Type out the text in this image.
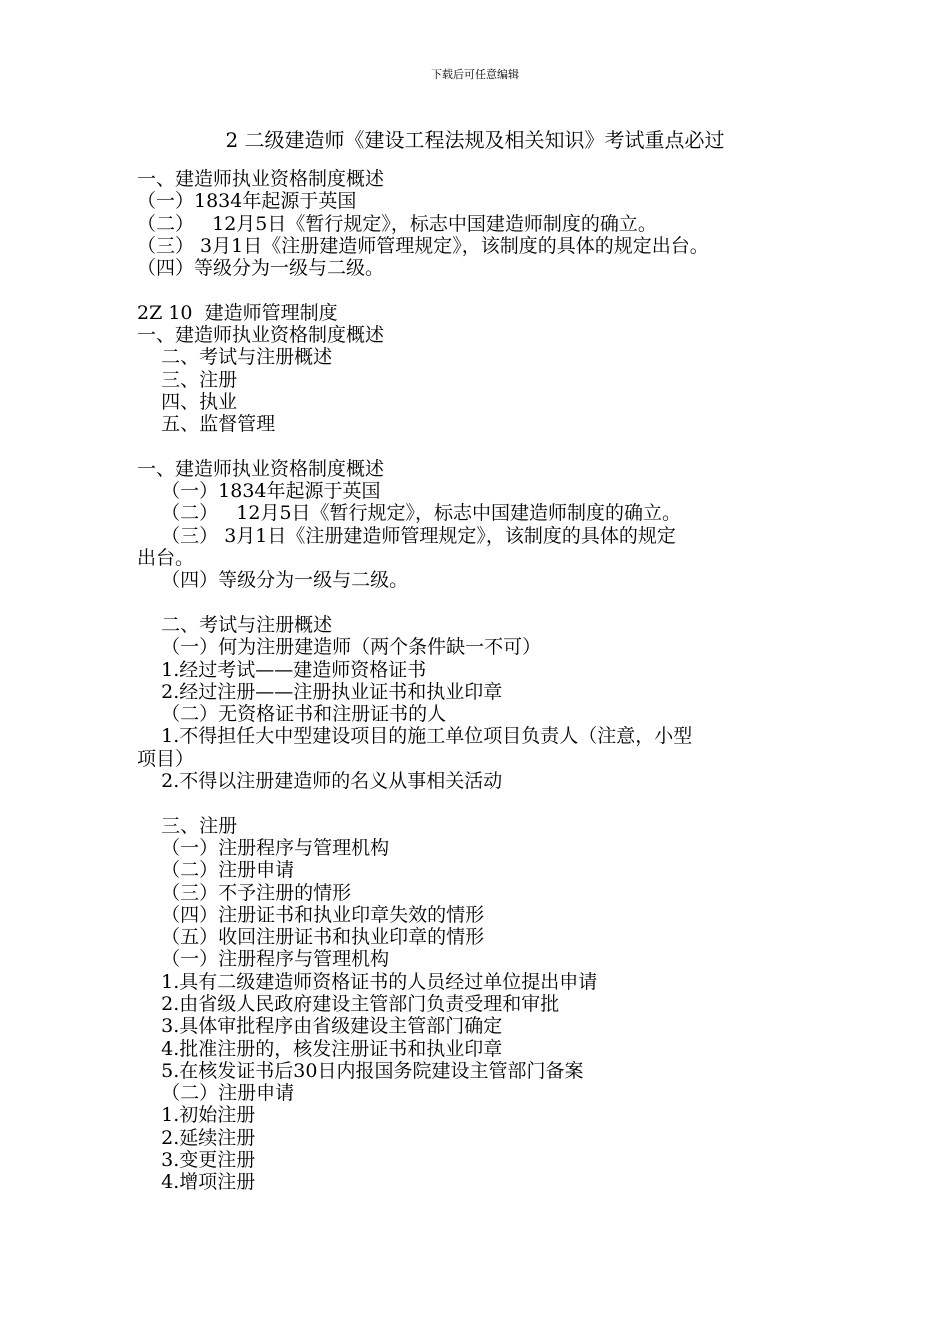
下载后可任意编辑
2 二级建造师《建设工程法规及相关知识》考试重点必过
一、建造师执业资格制度概述
（一）1834年起源于英国
（二）   12月5日《暂行规定》，标志中国建造师制度的确立。
（三） 3月1日《注册建造师管理规定》，该制度的具体的规定出台。
（四）等级分为一级与二级。
2Z 10  建造师管理制度
一、建造师执业资格制度概述
二、考试与注册概述
三、注册
四、执业
五、监督管理
一、建造师执业资格制度概述
（一）1834年起源于英国
（二）   12月5日《暂行规定》，标志中国建造师制度的确立。
（三） 3月1日《注册建造师管理规定》，该制度的具体的规定
出台。
（四）等级分为一级与二级。
二、考试与注册概述
（一）何为注册建造师（两个条件缺一不可）
1.经过考试——建造师资格证书
2.经过注册——注册执业证书和执业印章
（二）无资格证书和注册证书的人
1.不得担任大中型建设项目的施工单位项目负责人（注意，小型
项目）
2.不得以注册建造师的名义从事相关活动
三、注册
（一）注册程序与管理机构
（二）注册申请
（三）不予注册的情形
（四）注册证书和执业印章失效的情形
（五）收回注册证书和执业印章的情形
（一）注册程序与管理机构
1.具有二级建造师资格证书的人员经过单位提出申请
2.由省级人民政府建设主管部门负责受理和审批
3.具体审批程序由省级建设主管部门确定
4.批准注册的，核发注册证书和执业印章
5.在核发证书后30日内报国务院建设主管部门备案
（二）注册申请
1.初始注册
2.延续注册
3.变更注册
4.增项注册
